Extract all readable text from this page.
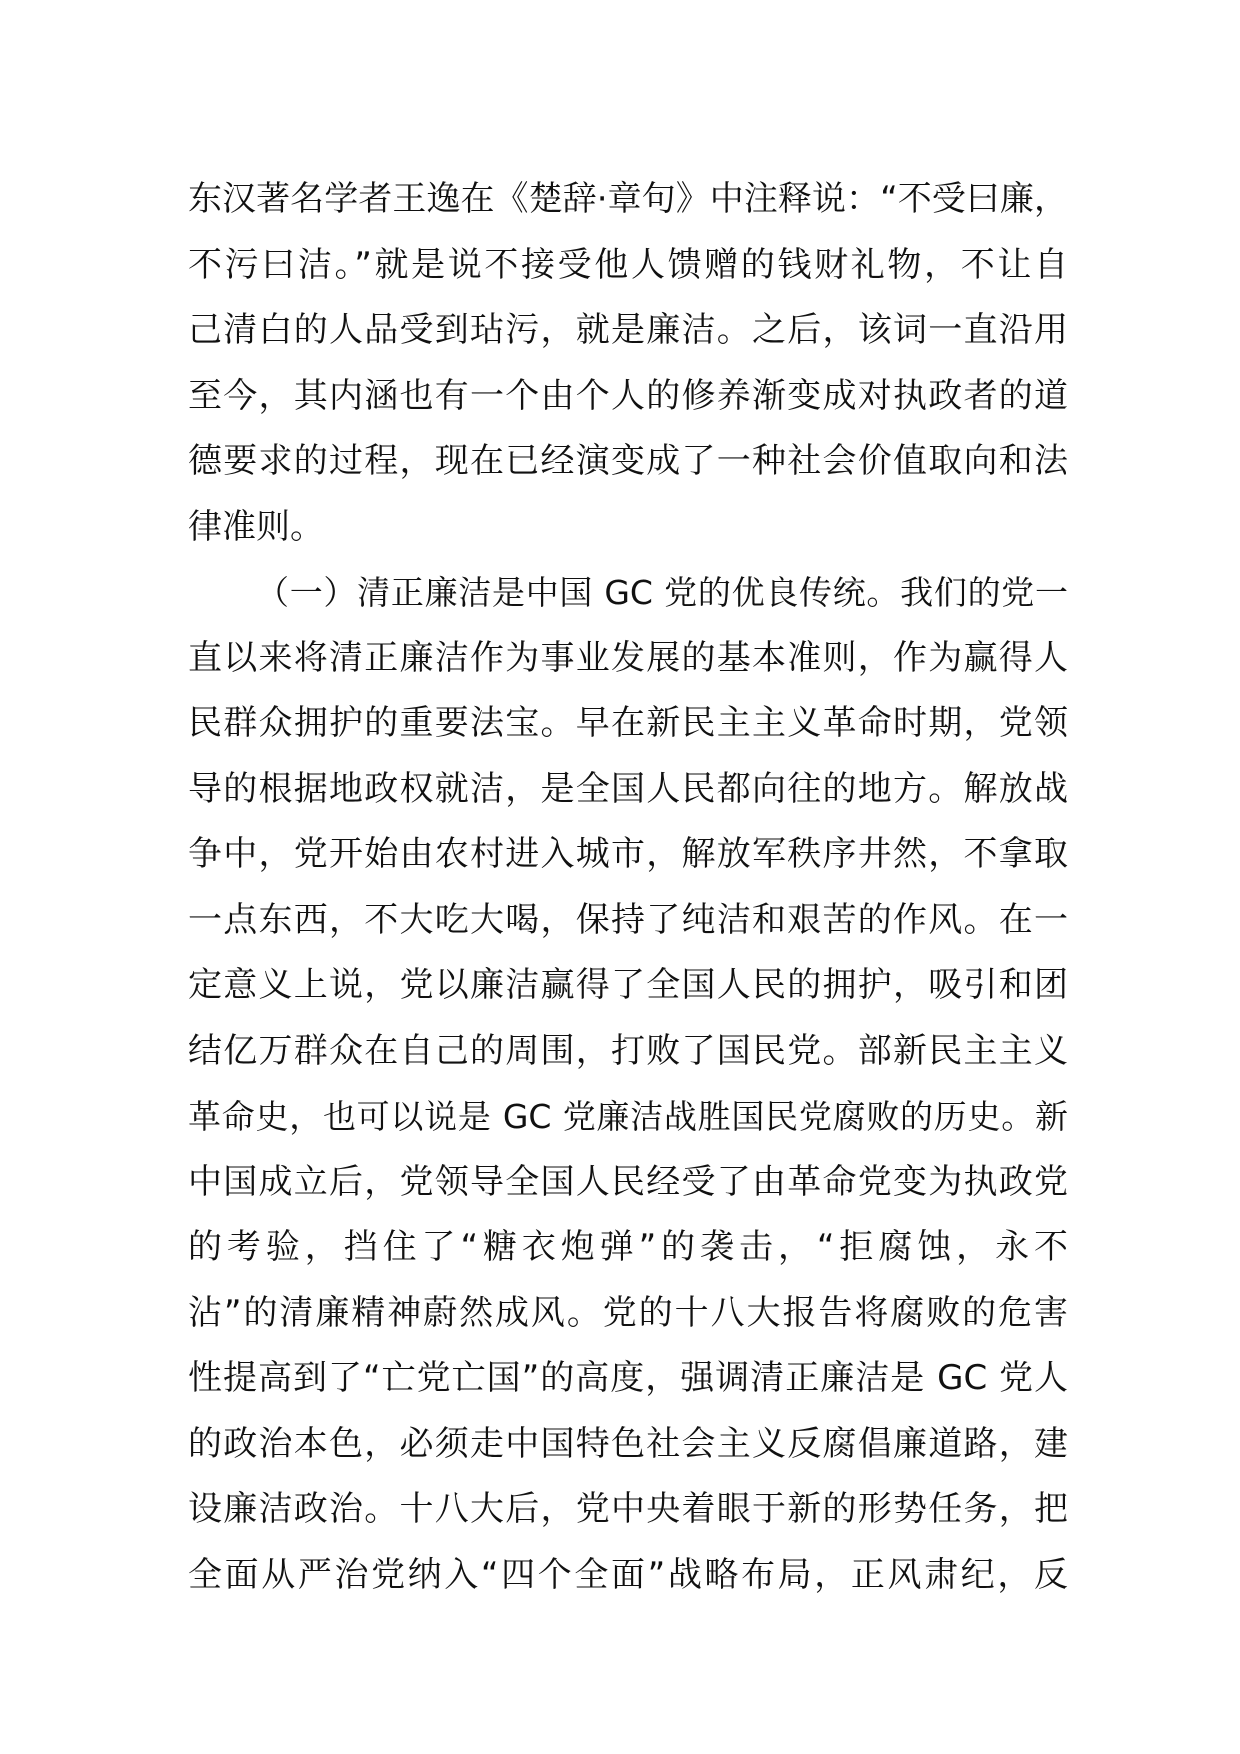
东汉著名学者王逸在《楚辞·章句》中注释说：“不受曰廉，
不污曰洁。”就是说不接受他人馈赠的钱财礼物，不让自
己清白的人品受到玷污，就是廉洁。之后，该词一直沿用
至今，其内涵也有一个由个人的修养渐变成对执政者的道
德要求的过程，现在已经演变成了一种社会价值取向和法
律准则。
（一）清正廉洁是中国 GC 党的优良传统。我们的党一
直以来将清正廉洁作为事业发展的基本准则，作为赢得人
民群众拥护的重要法宝。早在新民主主义革命时期，党领
导的根据地政权就洁，是全国人民都向往的地方。解放战
争中，党开始由农村进入城市，解放军秩序井然，不拿取
一点东西，不大吃大喝，保持了纯洁和艰苦的作风。在一
定意义上说，党以廉洁赢得了全国人民的拥护，吸引和团
结亿万群众在自己的周围，打败了国民党。部新民主主义
革命史，也可以说是 GC 党廉洁战胜国民党腐败的历史。新
中国成立后，党领导全国人民经受了由革命党变为执政党
的考验，挡住了“糖衣炮弹”的袭击，“拒腐蚀，永不
沾”的清廉精神蔚然成风。党的十八大报告将腐败的危害
性提高到了“亡党亡国”的高度，强调清正廉洁是 GC 党人
的政治本色，必须走中国特色社会主义反腐倡廉道路，建
设廉洁政治。十八大后，党中央着眼于新的形势任务，把
全面从严治党纳入“四个全面”战略布局，正风肃纪，反
